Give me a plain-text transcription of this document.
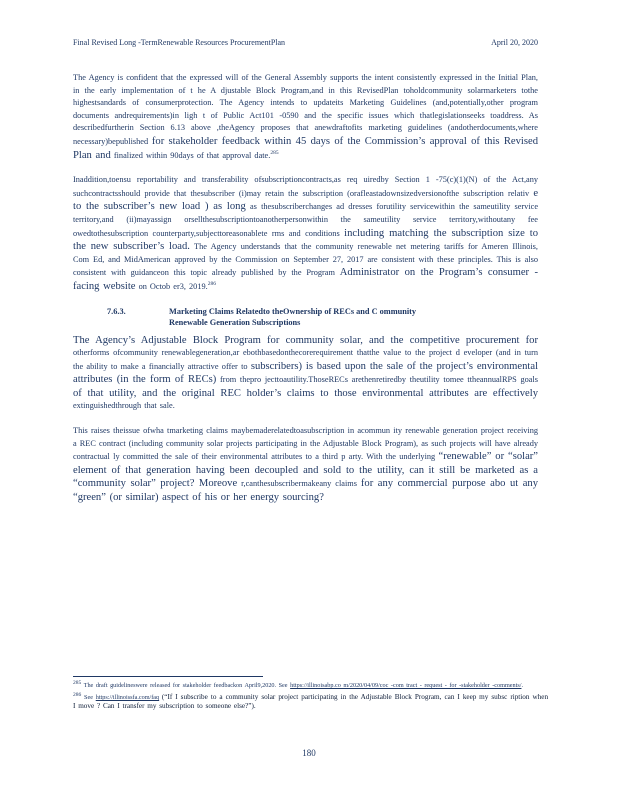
Final Revised Long -TermRenewable Resources ProcurementPlan	April 20, 2020

The Agency is confident that the expressed will of the General Assembly supports the intent consistently expressed in the Initial Plan, in the early implementation of t he A djustable Block Program,and in this RevisedPlan toholdcommunity solarmarketers tothe highestsandards of consumerprotection. The Agency intends to updateits Marketing Guidelines (and,potentially,other program documents andrequirements)in ligh t of Public Act101 -0590 and the specific issues which thatlegislationseeks toaddress. As describedfurtherin Section 6.13 above ,theAgency proposes that anewdraftofits marketing guidelines (andotherdocuments,where necessary)bepublished for stakeholder feedback within 45 days of the Commission’s approval of this Revised Plan and finalized within 90days of that approval date.$^{285}$

Inaddition,toensu reportability and transferability ofsubscriptioncontracts,as req uiredby Section 1 -75(c)(1)(N) of the Act,any suchcontractsshould provide that thesubscriber (i)may retain the subscription (orafleastadownsizedversionofthe subscription relativ e to the subscriber’s new load ) as long as thesubscriberchanges ad dresses forutility servicewithin the sameutility service territory,and (ii)mayassign orsellthesubscriptiontoanotherpersonwithin the sameutility service territory,withoutany fee owedtothesubscription counterparty,subjecttoreasonablete rms and conditions including matching the subscription size to the new subscriber’s load. The Agency understands that the community renewable net metering tariffs for Ameren Illinois, Com Ed, and MidAmerican approved by the Commission on September 27, 2017 are consistent with these principles. This is also consistent with guidanceon this topic already published by the Program Administrator on the Program’s consumer -facing website on Octob er3, 2019.$^{286}$

7.6.3.	Marketing Claims Relatedto theOwnership of RECs and C ommunity
Renewable Generation Subscriptions

The Agency’s Adjustable Block Program for community solar, and the competitive procurement for otherforms ofcommunity renewablegeneration,ar ebothbasedonthecorerequirement thatthe value to the project d eveloper (and in turn the ability to make a financially attractive offer to subscribers) is based upon the sale of the project’s environmental attributes (in the form of RECs) from thepro jecttoautility.ThoseRECs arethenretiredby theutility tomee ttheannualRPS goals of that utility, and the original REC holder’s claims to those environmental attributes are effectively extinguishedthrough that sale.

This raises theissue ofwha tmarketing claims maybemaderelatedtoasubscription in acommun ity renewable generation project receiving a REC contract (including community solar projects participating in the Adjustable Block Program), as such projects will have already contractual ly committed the sale of their environmental attributes to a third p arty. With the underlying “renewable” or “solar” element of that generation having been decoupled and sold to the utility, can it still be marketed as a “community solar” project? Moreove r,canthesubscribermakeany claims for any commercial purpose abo ut any “green” (or similar) aspect of his or her energy sourcing?

$^{285}$ The draft guidelineswere released for stakeholder feedbackon April9,2020. See https://illinoisabp.co m/2020/04/09/coc -com tract - request - for -stakeholder -comments/.

$^{286}$ See https://illinoissfa.com/faq (“If I subscribe to a community solar project participating in the Adjustable Block Program, can I keep my subsc ription when I move ? Can I transfer my subscription to someone else?”).

180
